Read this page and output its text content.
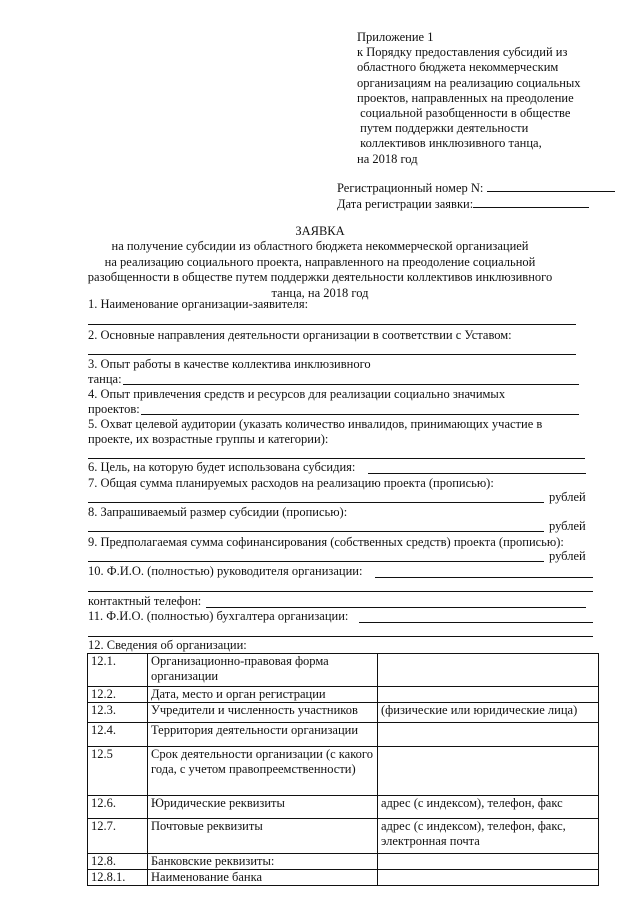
Приложение 1
к Порядку предоставления субсидий из
областного бюджета некоммерческим
организациям на реализацию социальных
проектов, направленных на преодоление
социальной разобщенности в обществе
путем поддержки деятельности
коллективов инклюзивного танца,
на 2018 год
Регистрационный номер N:
Дата регистрации заявки:
ЗАЯВКА
на получение субсидии из областного бюджета некоммерческой организацией
на реализацию социального проекта, направленного на преодоление социальной
разобщенности в обществе путем поддержки деятельности коллективов инклюзивного
танца, на 2018 год
1. Наименование организации-заявителя:
2. Основные направления деятельности организации в соответствии с Уставом:
3. Опыт работы в качестве коллектива инклюзивного
танца:
4. Опыт привлечения средств и ресурсов для реализации социально значимых
проектов:
5. Охват целевой аудитории (указать количество инвалидов, принимающих участие в
проекте, их возрастные группы и категории):
6. Цель, на которую будет использована субсидия:
7. Общая сумма планируемых расходов на реализацию проекта (прописью):
рублей
8. Запрашиваемый размер субсидии (прописью):
рублей
9. Предполагаемая сумма софинансирования (собственных средств) проекта (прописью):
рублей
10. Ф.И.О. (полностью) руководителя организации:
контактный телефон:
11. Ф.И.О. (полностью) бухгалтера организации:
12. Сведения об организации:
12.1.	Организационно-правовая форма организации	
12.2.	Дата, место и орган регистрации	
12.3.	Учредители и численность участников	(физические или юридические лица)
12.4.	Территория деятельности организации	
12.5	Срок деятельности организации (с какого года, с учетом правопреемственности)	
12.6.	Юридические реквизиты	адрес (с индексом), телефон, факс
12.7.	Почтовые реквизиты	адрес (с индексом), телефон, факс, электронная почта
12.8.	Банковские реквизиты:	
12.8.1.	Наименование банка	
